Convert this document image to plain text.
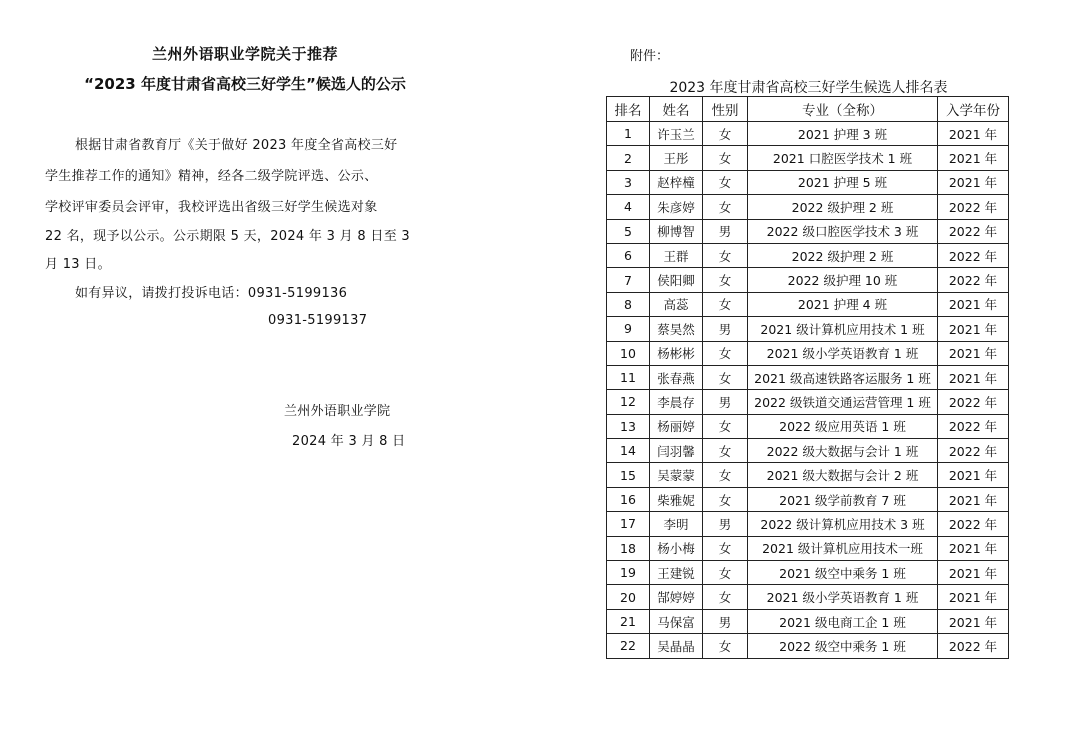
兰州外语职业学院关于推荐
“2023 年度甘肃省高校三好学生”候选人的公示
根据甘肃省教育厅《关于做好 2023 年度全省高校三好
学生推荐工作的通知》精神，经各二级学院评选、公示、
学校评审委员会评审，我校评选出省级三好学生候选对象
22 名，现予以公示。公示期限 5 天，2024 年 3 月 8 日至 3
月 13 日。
如有异议，请拨打投诉电话：0931-5199136
0931-5199137
兰州外语职业学院
2024 年 3 月 8 日
附件：
2023 年度甘肃省高校三好学生候选人排名表
排名	姓名	性别	专业（全称）	入学年份
1	许玉兰	女	2021 护理 3 班	2021 年
2	王彤	女	2021 口腔医学技术 1 班	2021 年
3	赵梓橦	女	2021 护理 5 班	2021 年
4	朱彦婷	女	2022 级护理 2 班	2022 年
5	柳博智	男	2022 级口腔医学技术 3 班	2022 年
6	王群	女	2022 级护理 2 班	2022 年
7	侯阳卿	女	2022 级护理 10 班	2022 年
8	高蕊	女	2021 护理 4 班	2021 年
9	蔡昊然	男	2021 级计算机应用技术 1 班	2021 年
10	杨彬彬	女	2021 级小学英语教育 1 班	2021 年
11	张春燕	女	2021 级高速铁路客运服务 1 班	2021 年
12	李晨存	男	2022 级铁道交通运营管理 1 班	2022 年
13	杨丽婷	女	2022 级应用英语 1 班	2022 年
14	闫羽馨	女	2022 级大数据与会计 1 班	2022 年
15	吴蒙蒙	女	2021 级大数据与会计 2 班	2021 年
16	柴雅妮	女	2021 级学前教育 7 班	2021 年
17	李明	男	2022 级计算机应用技术 3 班	2022 年
18	杨小梅	女	2021 级计算机应用技术一班	2021 年
19	王建锐	女	2021 级空中乘务 1 班	2021 年
20	郜婷婷	女	2021 级小学英语教育 1 班	2021 年
21	马保富	男	2021 级电商工企 1 班	2021 年
22	吴晶晶	女	2022 级空中乘务 1 班	2022 年
